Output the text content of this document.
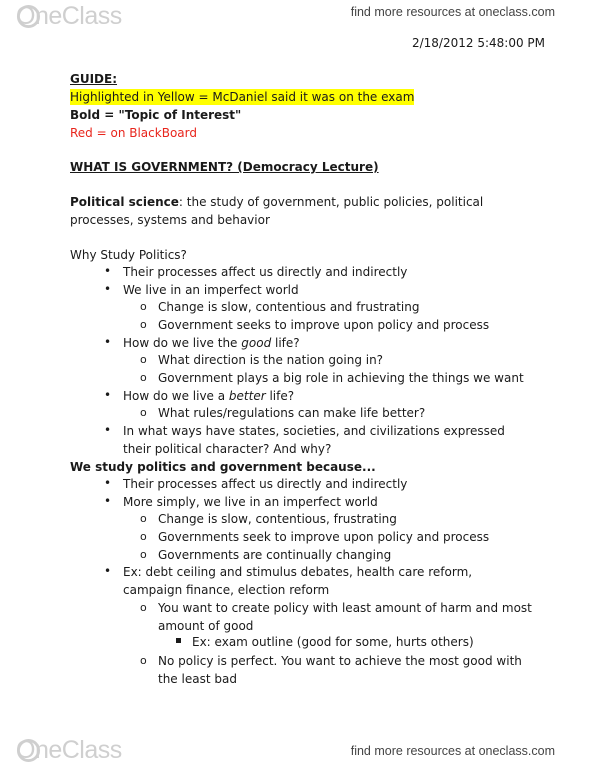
OneClass	find more resources at oneclass.com
2/18/2012 5:48:00 PM
GUIDE:
Highlighted in Yellow = McDaniel said it was on the exam
Bold = "Topic of Interest"
Red = on BlackBoard
WHAT IS GOVERNMENT? (Democracy Lecture)
Political science: the study of government, public policies, political
processes, systems and behavior
Why Study Politics?
• Their processes affect us directly and indirectly
• We live in an imperfect world
o Change is slow, contentious and frustrating
o Government seeks to improve upon policy and process
• How do we live the good life?
o What direction is the nation going in?
o Government plays a big role in achieving the things we want
• How do we live a better life?
o What rules/regulations can make life better?
• In what ways have states, societies, and civilizations expressed
their political character? And why?
We study politics and government because...
• Their processes affect us directly and indirectly
• More simply, we live in an imperfect world
o Change is slow, contentious, frustrating
o Governments seek to improve upon policy and process
o Governments are continually changing
• Ex: debt ceiling and stimulus debates, health care reform,
campaign finance, election reform
o You want to create policy with least amount of harm and most
amount of good
Ex: exam outline (good for some, hurts others)
o No policy is perfect. You want to achieve the most good with
the least bad
OneClass	find more resources at oneclass.com
